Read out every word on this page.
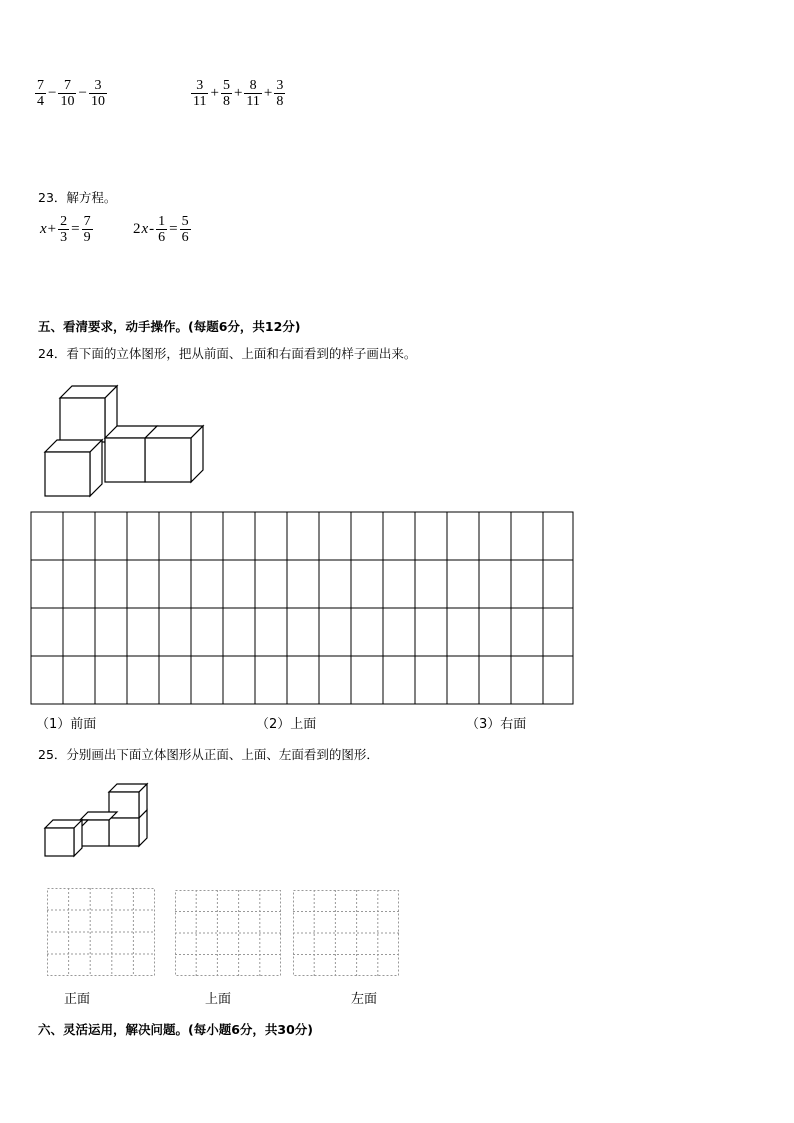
$\frac{7}{4} - \frac{7}{10} - \frac{3}{10}$	$\frac{3}{11} + \frac{5}{8} + \frac{8}{11} + \frac{3}{8}$
23．解方程。
$x + \frac{2}{3} = \frac{7}{9}$	2 $x - \frac{1}{6} = \frac{5}{6}$
五、看清要求，动手操作。(每题6分，共12分)
24．看下面的立体图形，把从前面、上面和右面看到的样子画出来。
（1）前面	（2）上面	（3）右面
25．分别画出下面立体图形从正面、上面、左面看到的图形．
正面	上面	左面
六、灵活运用，解决问题。(每小题6分，共30分)
